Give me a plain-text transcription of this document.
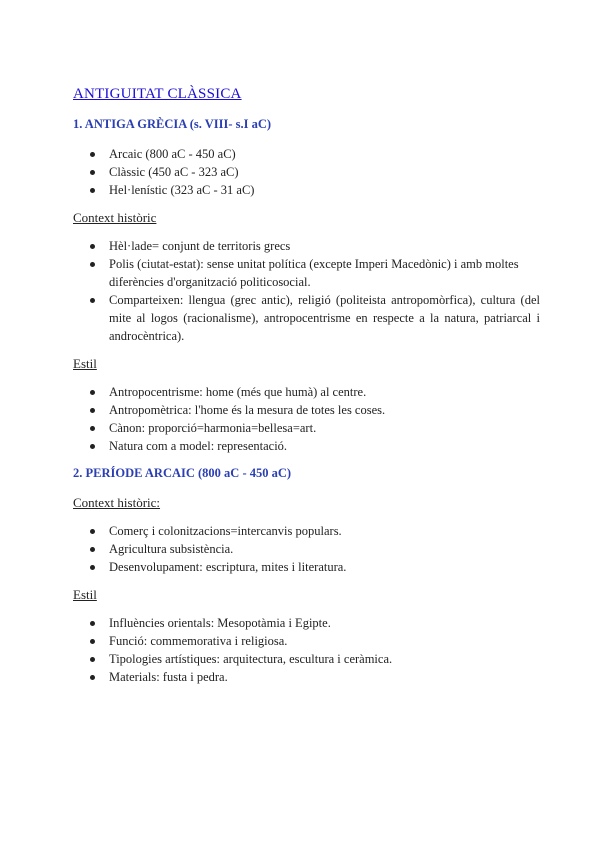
ANTIGUITAT CLÀSSICA
1. ANTIGA GRÈCIA (s. VIII- s.I aC)
Arcaic (800 aC - 450 aC)
Clàssic (450 aC - 323 aC)
Hel·lenístic (323 aC - 31 aC)
Context històric
Hèl·lade= conjunt de territoris grecs
Polis (ciutat-estat): sense unitat política (excepte Imperi Macedònic) i amb moltes diferències d'organització politicosocial.
Comparteixen: llengua (grec antic), religió (politeista antropomòrfica), cultura (del mite al logos (racionalisme), antropocentrisme en respecte a la natura, patriarcal i androcèntrica).
Estil
Antropocentrisme: home (més que humà) al centre.
Antropomètrica: l'home és la mesura de totes les coses.
Cànon: proporció=harmonia=bellesa=art.
Natura com a model: representació.
2. PERÍODE ARCAIC (800 aC - 450 aC)
Context històric:
Comerç i colonitzacions=intercanvis populars.
Agricultura subsistència.
Desenvolupament: escriptura, mites i literatura.
Estil
Influències orientals: Mesopotàmia i Egipte.
Funció: commemorativa i religiosa.
Tipologies artístiques: arquitectura, escultura i ceràmica.
Materials: fusta i pedra.
